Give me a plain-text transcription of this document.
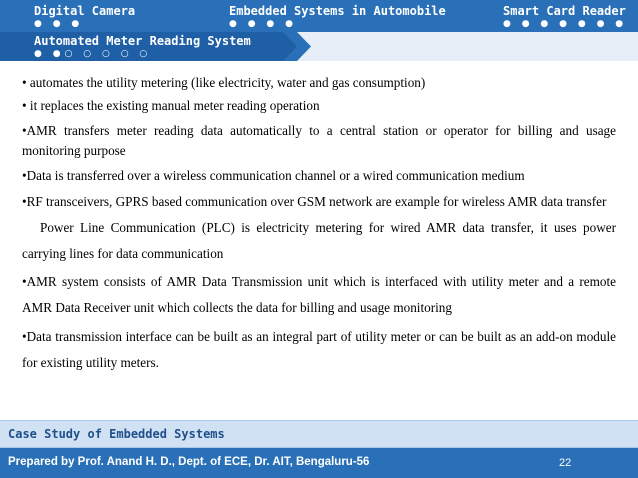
Digital Camera
● ● ●
Embedded Systems in Automobile
● ● ● ●
Smart Card Reader
● ● ● ● ● ● ●
Automated Meter Reading System
● ●○ ○ ○ ○ ○

• automates the utility metering (like electricity, water and gas consumption)

• it replaces the existing manual meter reading operation

•AMR transfers meter reading data automatically to a central station or operator for billing and usage monitoring purpose

•Data is transferred over a wireless communication channel or a wired communication medium

•RF transceivers, GPRS based communication over GSM network are example for wireless AMR data transfer

Power Line Communication (PLC) is electricity metering for wired AMR data transfer, it uses power carrying lines for data communication

•AMR system consists of AMR Data Transmission unit which is interfaced with utility meter and a remote AMR Data Receiver unit which collects the data for billing and usage monitoring

•Data transmission interface can be built as an integral part of utility meter or can be built as an add-on module for existing utility meters.

Case Study of Embedded Systems
Prepared by Prof. Anand H. D., Dept. of ECE, Dr. AIT, Bengaluru-56	22
